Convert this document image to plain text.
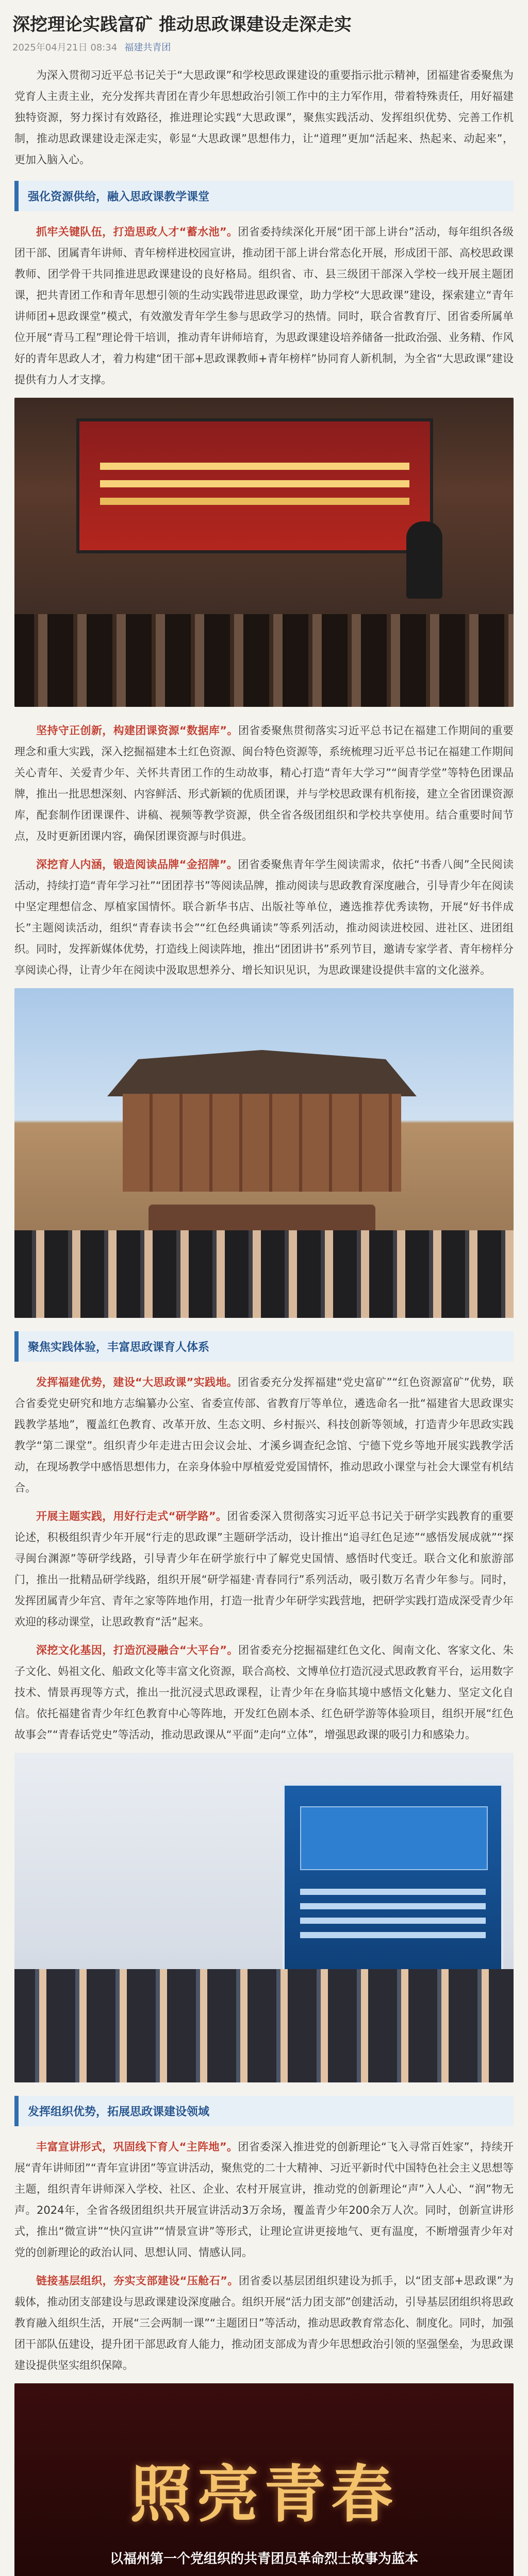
深挖理论实践富矿 推动思政课建设走深走实
2025年04月21日 08:34 福建共青团

为深入贯彻习近平总书记关于“大思政课”和学校思政课建设的重要指示批示精神，团福建省委聚焦为党育人主责主业，充分发挥共青团在青少年思想政治引领工作中的主力军作用，带着特殊责任，用好福建独特资源，努力探讨有效路径，推进理论实践“大思政课”，聚焦实践活动、发挥组织优势、完善工作机制，推动思政课建设走深走实，彰显“大思政课”思想伟力，让“道理”更加“活起来、热起来、动起来”，更加入脑入心。

强化资源供给，融入思政课教学课堂

抓牢关键队伍，打造思政人才“蓄水池”。团省委持续深化开展“团干部上讲台”活动，每年组织各级团干部、团属青年讲师、青年榜样进校园宣讲，推动团干部上讲台常态化开展，形成团干部、高校思政课教师、团学骨干共同推进思政课建设的良好格局。组织省、市、县三级团干部深入学校一线开展主题团课，把共青团工作和青年思想引领的生动实践带进思政课堂，助力学校“大思政课”建设，探索建立“青年讲师团+思政课堂”模式，有效激发青年学生参与思政学习的热情。同时，联合省教育厅、团省委所属单位开展“青马工程”理论骨干培训，推动青年讲师培育，为思政课建设培养储备一批政治强、业务精、作风好的青年思政人才，着力构建“团干部+思政课教师+青年榜样”协同育人新机制，为全省“大思政课”建设提供有力人才支撑。

坚持守正创新，构建团课资源“数据库”。团省委聚焦贯彻落实习近平总书记在福建工作期间的重要理念和重大实践，深入挖掘福建本土红色资源、闽台特色资源等，系统梳理习近平总书记在福建工作期间关心青年、关爱青少年、关怀共青团工作的生动故事，精心打造“青年大学习”“闽青学堂”等特色团课品牌，推出一批思想深刻、内容鲜活、形式新颖的优质团课，并与学校思政课有机衔接，建立全省团课资源库，配套制作团课课件、讲稿、视频等教学资源，供全省各级团组织和学校共享使用。结合重要时间节点，及时更新团课内容，确保团课资源与时俱进。

深挖育人内涵，锻造阅读品牌“金招牌”。团省委聚焦青年学生阅读需求，依托“书香八闽”全民阅读活动，持续打造“青年学习社”“团团荐书”等阅读品牌，推动阅读与思政教育深度融合，引导青少年在阅读中坚定理想信念、厚植家国情怀。联合新华书店、出版社等单位，遴选推荐优秀读物，开展“好书伴成长”主题阅读活动，组织“青春读书会”“红色经典诵读”等系列活动，推动阅读进校园、进社区、进团组织。同时，发挥新媒体优势，打造线上阅读阵地，推出“团团讲书”系列节目，邀请专家学者、青年榜样分享阅读心得，让青少年在阅读中汲取思想养分、增长知识见识，为思政课建设提供丰富的文化滋养。

聚焦实践体验，丰富思政课育人体系

发挥福建优势，建设“大思政课”实践地。团省委充分发挥福建“党史富矿”“红色资源富矿”优势，联合省委党史研究和地方志编纂办公室、省委宣传部、省教育厅等单位，遴选命名一批“福建省大思政课实践教学基地”，覆盖红色教育、改革开放、生态文明、乡村振兴、科技创新等领域，打造青少年思政实践教学“第二课堂”。组织青少年走进古田会议会址、才溪乡调查纪念馆、宁德下党乡等地开展实践教学活动，在现场教学中感悟思想伟力，在亲身体验中厚植爱党爱国情怀，推动思政小课堂与社会大课堂有机结合。

开展主题实践，用好行走式“研学路”。团省委深入贯彻落实习近平总书记关于研学实践教育的重要论述，积极组织青少年开展“行走的思政课”主题研学活动，设计推出“追寻红色足迹”“感悟发展成就”“探寻闽台渊源”等研学线路，引导青少年在研学旅行中了解党史国情、感悟时代变迁。联合文化和旅游部门，推出一批精品研学线路，组织开展“研学福建·青春同行”系列活动，吸引数万名青少年参与。同时，发挥团属青少年宫、青年之家等阵地作用，打造一批青少年研学实践营地，把研学实践打造成深受青少年欢迎的移动课堂，让思政教育“活”起来。

深挖文化基因，打造沉浸融合“大平台”。团省委充分挖掘福建红色文化、闽南文化、客家文化、朱子文化、妈祖文化、船政文化等丰富文化资源，联合高校、文博单位打造沉浸式思政教育平台，运用数字技术、情景再现等方式，推出一批沉浸式思政课程，让青少年在身临其境中感悟文化魅力、坚定文化自信。依托福建省青少年红色教育中心等阵地，开发红色剧本杀、红色研学游等体验项目，组织开展“红色故事会”“青春话党史”等活动，推动思政课从“平面”走向“立体”，增强思政课的吸引力和感染力。

发挥组织优势，拓展思政课建设领域

丰富宣讲形式，巩固线下育人“主阵地”。团省委深入推进党的创新理论“飞入寻常百姓家”，持续开展“青年讲师团”“青年宣讲团”等宣讲活动，聚焦党的二十大精神、习近平新时代中国特色社会主义思想等主题，组织青年讲师深入学校、社区、企业、农村开展宣讲，推动党的创新理论“声”入人心、“润”物无声。2024年，全省各级团组织共开展宣讲活动3万余场，覆盖青少年200余万人次。同时，创新宣讲形式，推出“微宣讲”“快闪宣讲”“情景宣讲”等形式，让理论宣讲更接地气、更有温度，不断增强青少年对党的创新理论的政治认同、思想认同、情感认同。

链接基层组织，夯实支部建设“压舱石”。团省委以基层团组织建设为抓手，以“团支部+思政课”为载体，推动团支部建设与思政课建设深度融合。组织开展“活力团支部”创建活动，引导基层团组织将思政教育融入组织生活，开展“三会两制一课”“主题团日”等活动，推动思政教育常态化、制度化。同时，加强团干部队伍建设，提升团干部思政育人能力，推动团支部成为青少年思想政治引领的坚强堡垒，为思政课建设提供坚实组织保障。

照亮青春
以福州第一个党组织的共青团员革命烈士故事为蓝本
